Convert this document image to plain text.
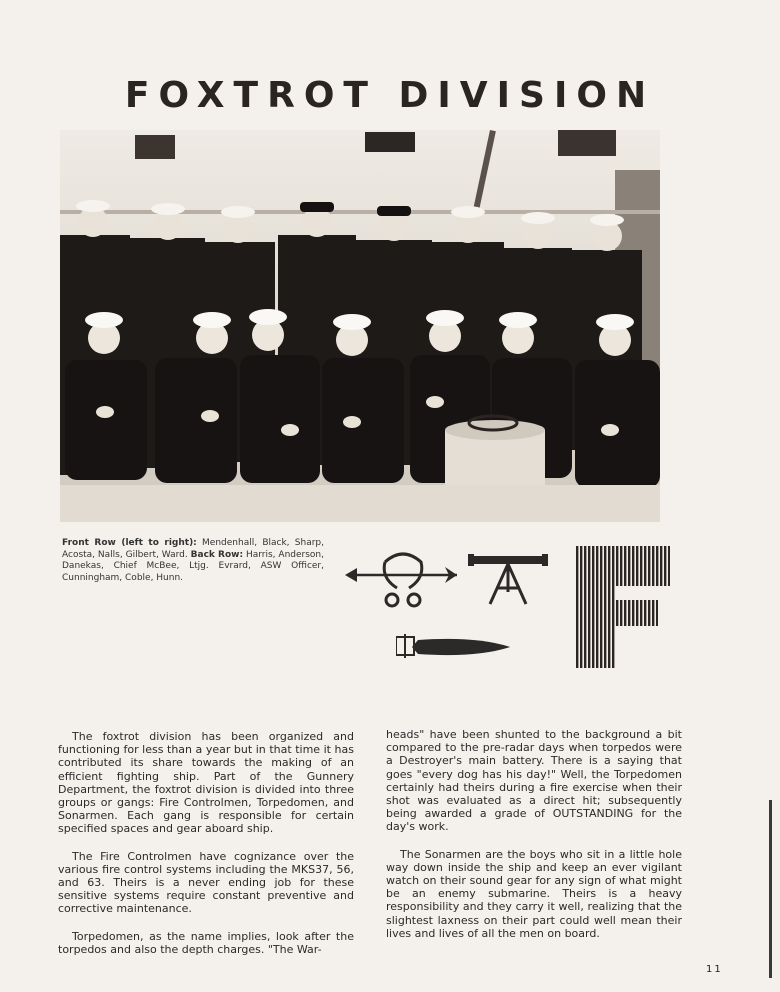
FOXTROT DIVISION
Front Row (left to right): Mendenhall, Black, Sharp, Acosta, Nalls, Gilbert, Ward. Back Row: Harris, Anderson, Danekas, Chief McBee, Ltjg. Evrard, ASW Officer, Cunningham, Coble, Hunn.

The foxtrot division has been organized and functioning for less than a year but in that time it has contributed its share towards the making of an efficient fighting ship. Part of the Gunnery Department, the foxtrot division is divided into three groups or gangs: Fire Controlmen, Torpedomen, and Sonarmen. Each gang is responsible for certain specified spaces and gear aboard ship.

The Fire Controlmen have cognizance over the various fire control systems including the MKS37, 56, and 63. Theirs is a never ending job for these sensitive systems require constant preventive and corrective maintenance.

Torpedomen, as the name implies, look after the torpedos and also the depth charges. "The War-

heads" have been shunted to the background a bit compared to the pre-radar days when torpedos were a Destroyer's main battery. There is a saying that goes "every dog has his day!" Well, the Torpedomen certainly had theirs during a fire exercise when their shot was evaluated as a direct hit; subsequently being awarded a grade of OUTSTANDING for the day's work.

The Sonarmen are the boys who sit in a little hole way down inside the ship and keep an ever vigilant watch on their sound gear for any sign of what might be an enemy submarine. Theirs is a heavy responsibility and they carry it well, realizing that the slightest laxness on their part could well mean their lives and lives of all the men on board.

11
